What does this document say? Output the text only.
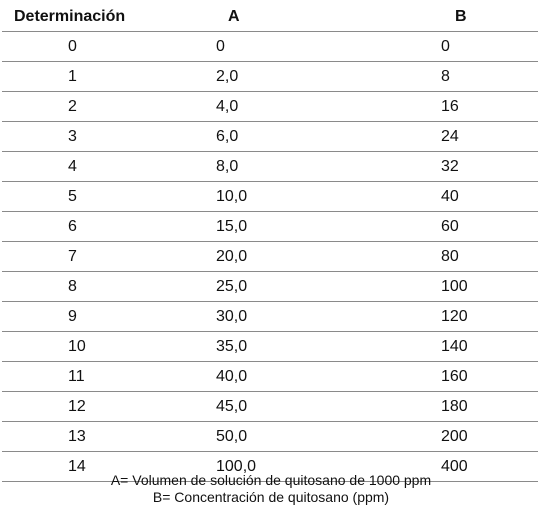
Determinación	A	B
0	0	0
1	2,0	8
2	4,0	16
3	6,0	24
4	8,0	32
5	10,0	40
6	15,0	60
7	20,0	80
8	25,0	100
9	30,0	120
10	35,0	140
11	40,0	160
12	45,0	180
13	50,0	200
14	100,0	400
A= Volumen de solución de quitosano de 1000 ppm
B= Concentración de quitosano (ppm)
